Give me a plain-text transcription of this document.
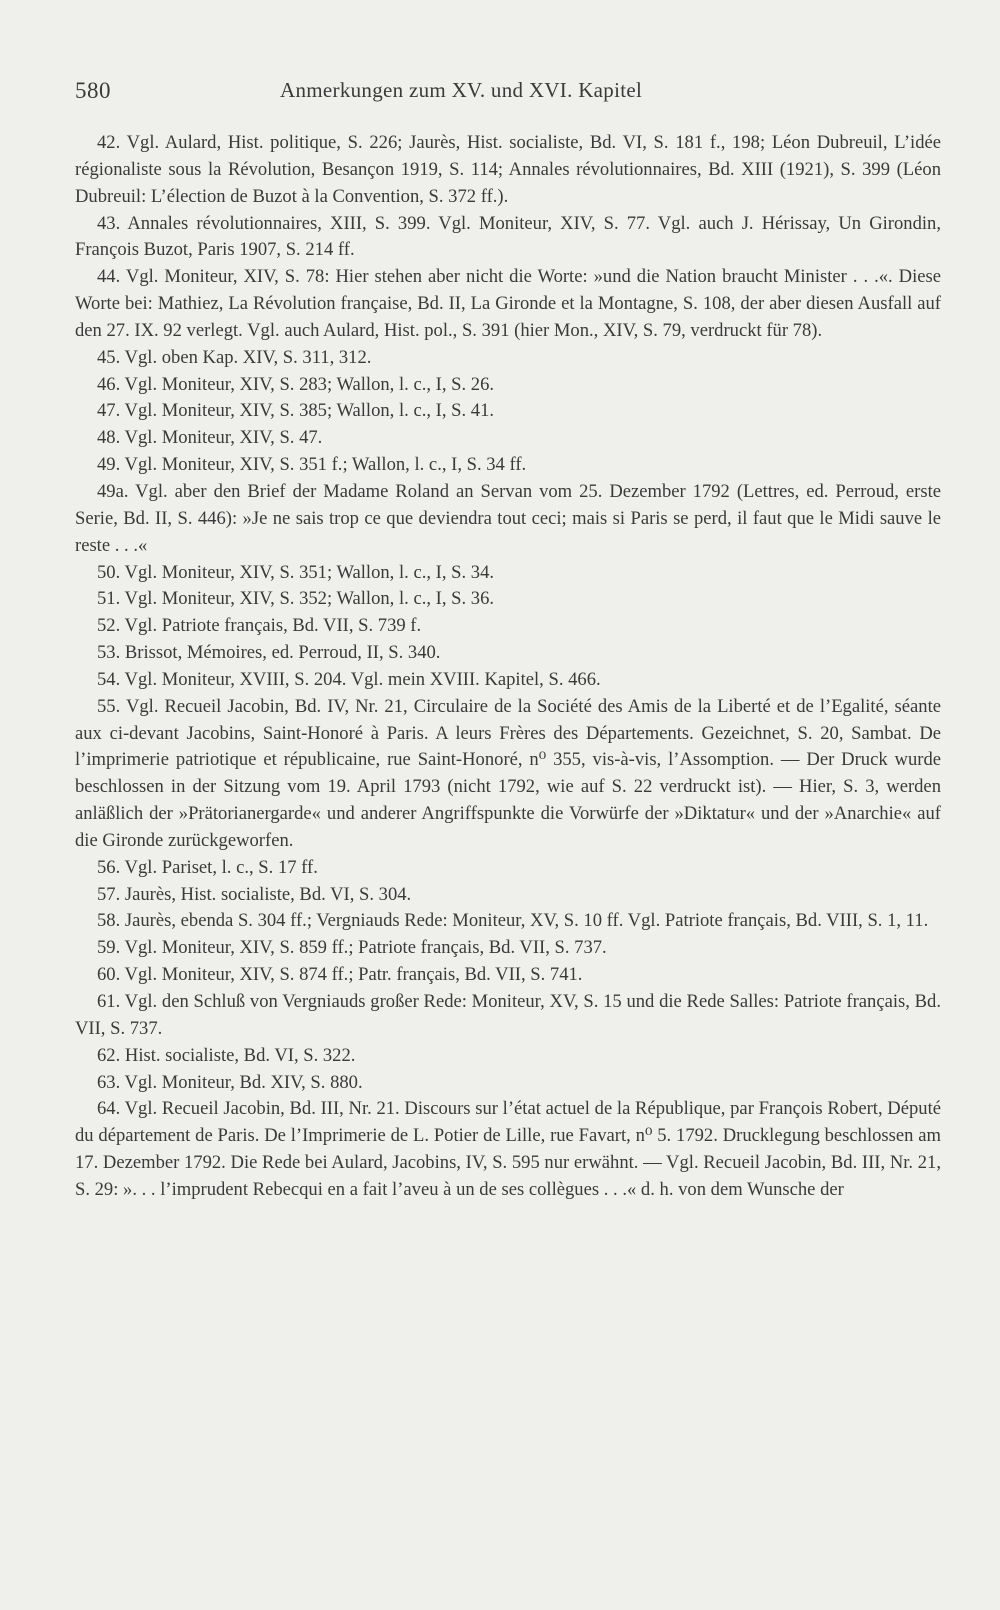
580	Anmerkungen zum XV. und XVI. Kapitel

42. Vgl. Aulard, Hist. politique, S. 226; Jaurès, Hist. socialiste, Bd. VI, S. 181 f., 198; Léon Dubreuil, L’idée régionaliste sous la Révolution, Besançon 1919, S. 114; Annales révolutionnaires, Bd. XIII (1921), S. 399 (Léon Dubreuil: L’élection de Buzot à la Convention, S. 372 ff.).

43. Annales révolutionnaires, XIII, S. 399. Vgl. Moniteur, XIV, S. 77. Vgl. auch J. Hérissay, Un Girondin, François Buzot, Paris 1907, S. 214 ff.

44. Vgl. Moniteur, XIV, S. 78: Hier stehen aber nicht die Worte: »und die Nation braucht Minister . . .«. Diese Worte bei: Mathiez, La Révolution française, Bd. II, La Gironde et la Montagne, S. 108, der aber diesen Ausfall auf den 27. IX. 92 verlegt. Vgl. auch Aulard, Hist. pol., S. 391 (hier Mon., XIV, S. 79, verdruckt für 78).

45. Vgl. oben Kap. XIV, S. 311, 312.

46. Vgl. Moniteur, XIV, S. 283; Wallon, l. c., I, S. 26.

47. Vgl. Moniteur, XIV, S. 385; Wallon, l. c., I, S. 41.

48. Vgl. Moniteur, XIV, S. 47.

49. Vgl. Moniteur, XIV, S. 351 f.; Wallon, l. c., I, S. 34 ff.

49a. Vgl. aber den Brief der Madame Roland an Servan vom 25. Dezember 1792 (Lettres, ed. Perroud, erste Serie, Bd. II, S. 446): »Je ne sais trop ce que deviendra tout ceci; mais si Paris se perd, il faut que le Midi sauve le reste . . .«

50. Vgl. Moniteur, XIV, S. 351; Wallon, l. c., I, S. 34.

51. Vgl. Moniteur, XIV, S. 352; Wallon, l. c., I, S. 36.

52. Vgl. Patriote français, Bd. VII, S. 739 f.

53. Brissot, Mémoires, ed. Perroud, II, S. 340.

54. Vgl. Moniteur, XVIII, S. 204. Vgl. mein XVIII. Kapitel, S. 466.

55. Vgl. Recueil Jacobin, Bd. IV, Nr. 21, Circulaire de la Société des Amis de la Liberté et de l’Egalité, séante aux ci-devant Jacobins, Saint-Honoré à Paris. A leurs Frères des Départements. Gezeichnet, S. 20, Sambat. De l’imprimerie patriotique et républicaine, rue Saint-Honoré, n⁰ 355, vis-à-vis, l’Assomption. — Der Druck wurde beschlossen in der Sitzung vom 19. April 1793 (nicht 1792, wie auf S. 22 verdruckt ist). — Hier, S. 3, werden anläßlich der »Prätorianergarde« und anderer Angriffspunkte die Vorwürfe der »Diktatur« und der »Anarchie« auf die Gironde zurückgeworfen.

56. Vgl. Pariset, l. c., S. 17 ff.

57. Jaurès, Hist. socialiste, Bd. VI, S. 304.

58. Jaurès, ebenda S. 304 ff.; Vergniauds Rede: Moniteur, XV, S. 10 ff. Vgl. Patriote français, Bd. VIII, S. 1, 11.

59. Vgl. Moniteur, XIV, S. 859 ff.; Patriote français, Bd. VII, S. 737.

60. Vgl. Moniteur, XIV, S. 874 ff.; Patr. français, Bd. VII, S. 741.

61. Vgl. den Schluß von Vergniauds großer Rede: Moniteur, XV, S. 15 und die Rede Salles: Patriote français, Bd. VII, S. 737.

62. Hist. socialiste, Bd. VI, S. 322.

63. Vgl. Moniteur, Bd. XIV, S. 880.

64. Vgl. Recueil Jacobin, Bd. III, Nr. 21. Discours sur l’état actuel de la République, par François Robert, Député du département de Paris. De l’Imprimerie de L. Potier de Lille, rue Favart, n⁰ 5. 1792. Drucklegung beschlossen am 17. Dezember 1792. Die Rede bei Aulard, Jacobins, IV, S. 595 nur erwähnt. — Vgl. Recueil Jacobin, Bd. III, Nr. 21, S. 29: ». . . l’imprudent Rebecqui en a fait l’aveu à un de ses collègues . . .« d. h. von dem Wunsche der
